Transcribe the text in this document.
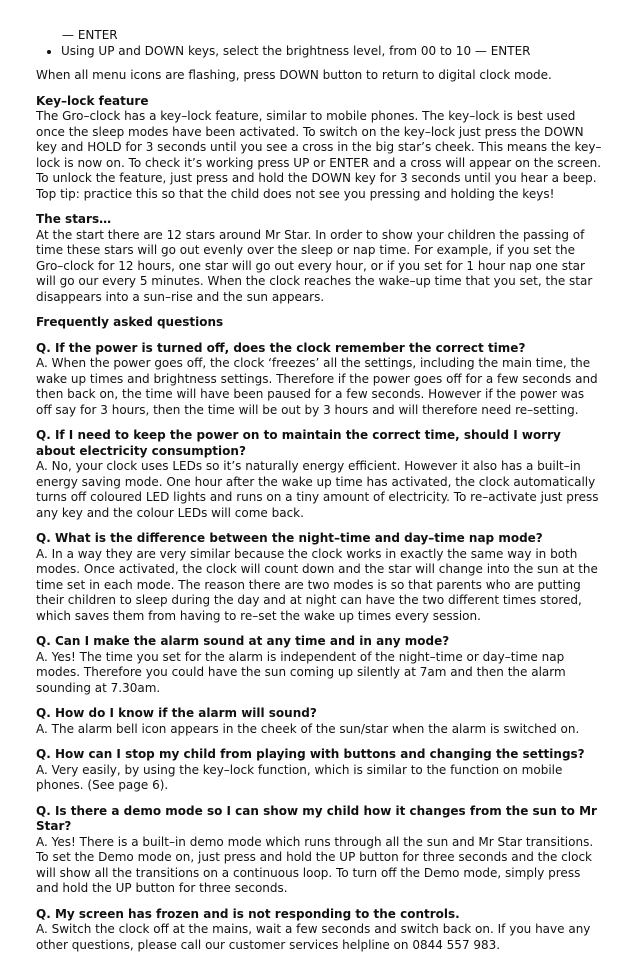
— ENTER

• Using UP and DOWN keys, select the brightness level, from 00 to 10 — ENTER

When all menu icons are flashing, press DOWN button to return to digital clock mode.

Key–lock feature

The Gro–clock has a key–lock feature, similar to mobile phones. The key–lock is best used once the sleep modes have been activated. To switch on the key–lock just press the DOWN key and HOLD for 3 seconds until you see a cross in the big star’s cheek. This means the key–lock is now on. To check it’s working press UP or ENTER and a cross will appear on the screen. To unlock the feature, just press and hold the DOWN key for 3 seconds until you hear a beep. Top tip: practice this so that the child does not see you pressing and holding the keys!

The stars…

At the start there are 12 stars around Mr Star. In order to show your children the passing of time these stars will go out evenly over the sleep or nap time. For example, if you set the Gro–clock for 12 hours, one star will go out every hour, or if you set for 1 hour nap one star will go our every 5 minutes. When the clock reaches the wake–up time that you set, the star disappears into a sun–rise and the sun appears.

Frequently asked questions
Q. If the power is turned off, does the clock remember the correct time?

A. When the power goes off, the clock ‘freezes’ all the settings, including the main time, the wake up times and brightness settings. Therefore if the power goes off for a few seconds and then back on, the time will have been paused for a few seconds. However if the power was off say for 3 hours, then the time will be out by 3 hours and will therefore need re–setting.

Q. If I need to keep the power on to maintain the correct time, should I worry about electricity consumption?

A. No, your clock uses LEDs so it’s naturally energy efficient. However it also has a built–in energy saving mode. One hour after the wake up time has activated, the clock automatically turns off coloured LED lights and runs on a tiny amount of electricity. To re–activate just press any key and the colour LEDs will come back.

Q. What is the difference between the night–time and day–time nap mode?

A. In a way they are very similar because the clock works in exactly the same way in both modes. Once activated, the clock will count down and the star will change into the sun at the time set in each mode. The reason there are two modes is so that parents who are putting their children to sleep during the day and at night can have the two different times stored, which saves them from having to re–set the wake up times every session.

Q. Can I make the alarm sound at any time and in any mode?

A. Yes! The time you set for the alarm is independent of the night–time or day–time nap modes. Therefore you could have the sun coming up silently at 7am and then the alarm sounding at 7.30am.

Q. How do I know if the alarm will sound?

A. The alarm bell icon appears in the cheek of the sun/star when the alarm is switched on.

Q. How can I stop my child from playing with buttons and changing the settings?

A. Very easily, by using the key–lock function, which is similar to the function on mobile phones. (See page 6).

Q. Is there a demo mode so I can show my child how it changes from the sun to Mr Star?

A. Yes! There is a built–in demo mode which runs through all the sun and Mr Star transitions. To set the Demo mode on, just press and hold the UP button for three seconds and the clock will show all the transitions on a continuous loop. To turn off the Demo mode, simply press and hold the UP button for three seconds.

Q. My screen has frozen and is not responding to the controls.

A. Switch the clock off at the mains, wait a few seconds and switch back on. If you have any other questions, please call our customer services helpline on 0844 557 983.
